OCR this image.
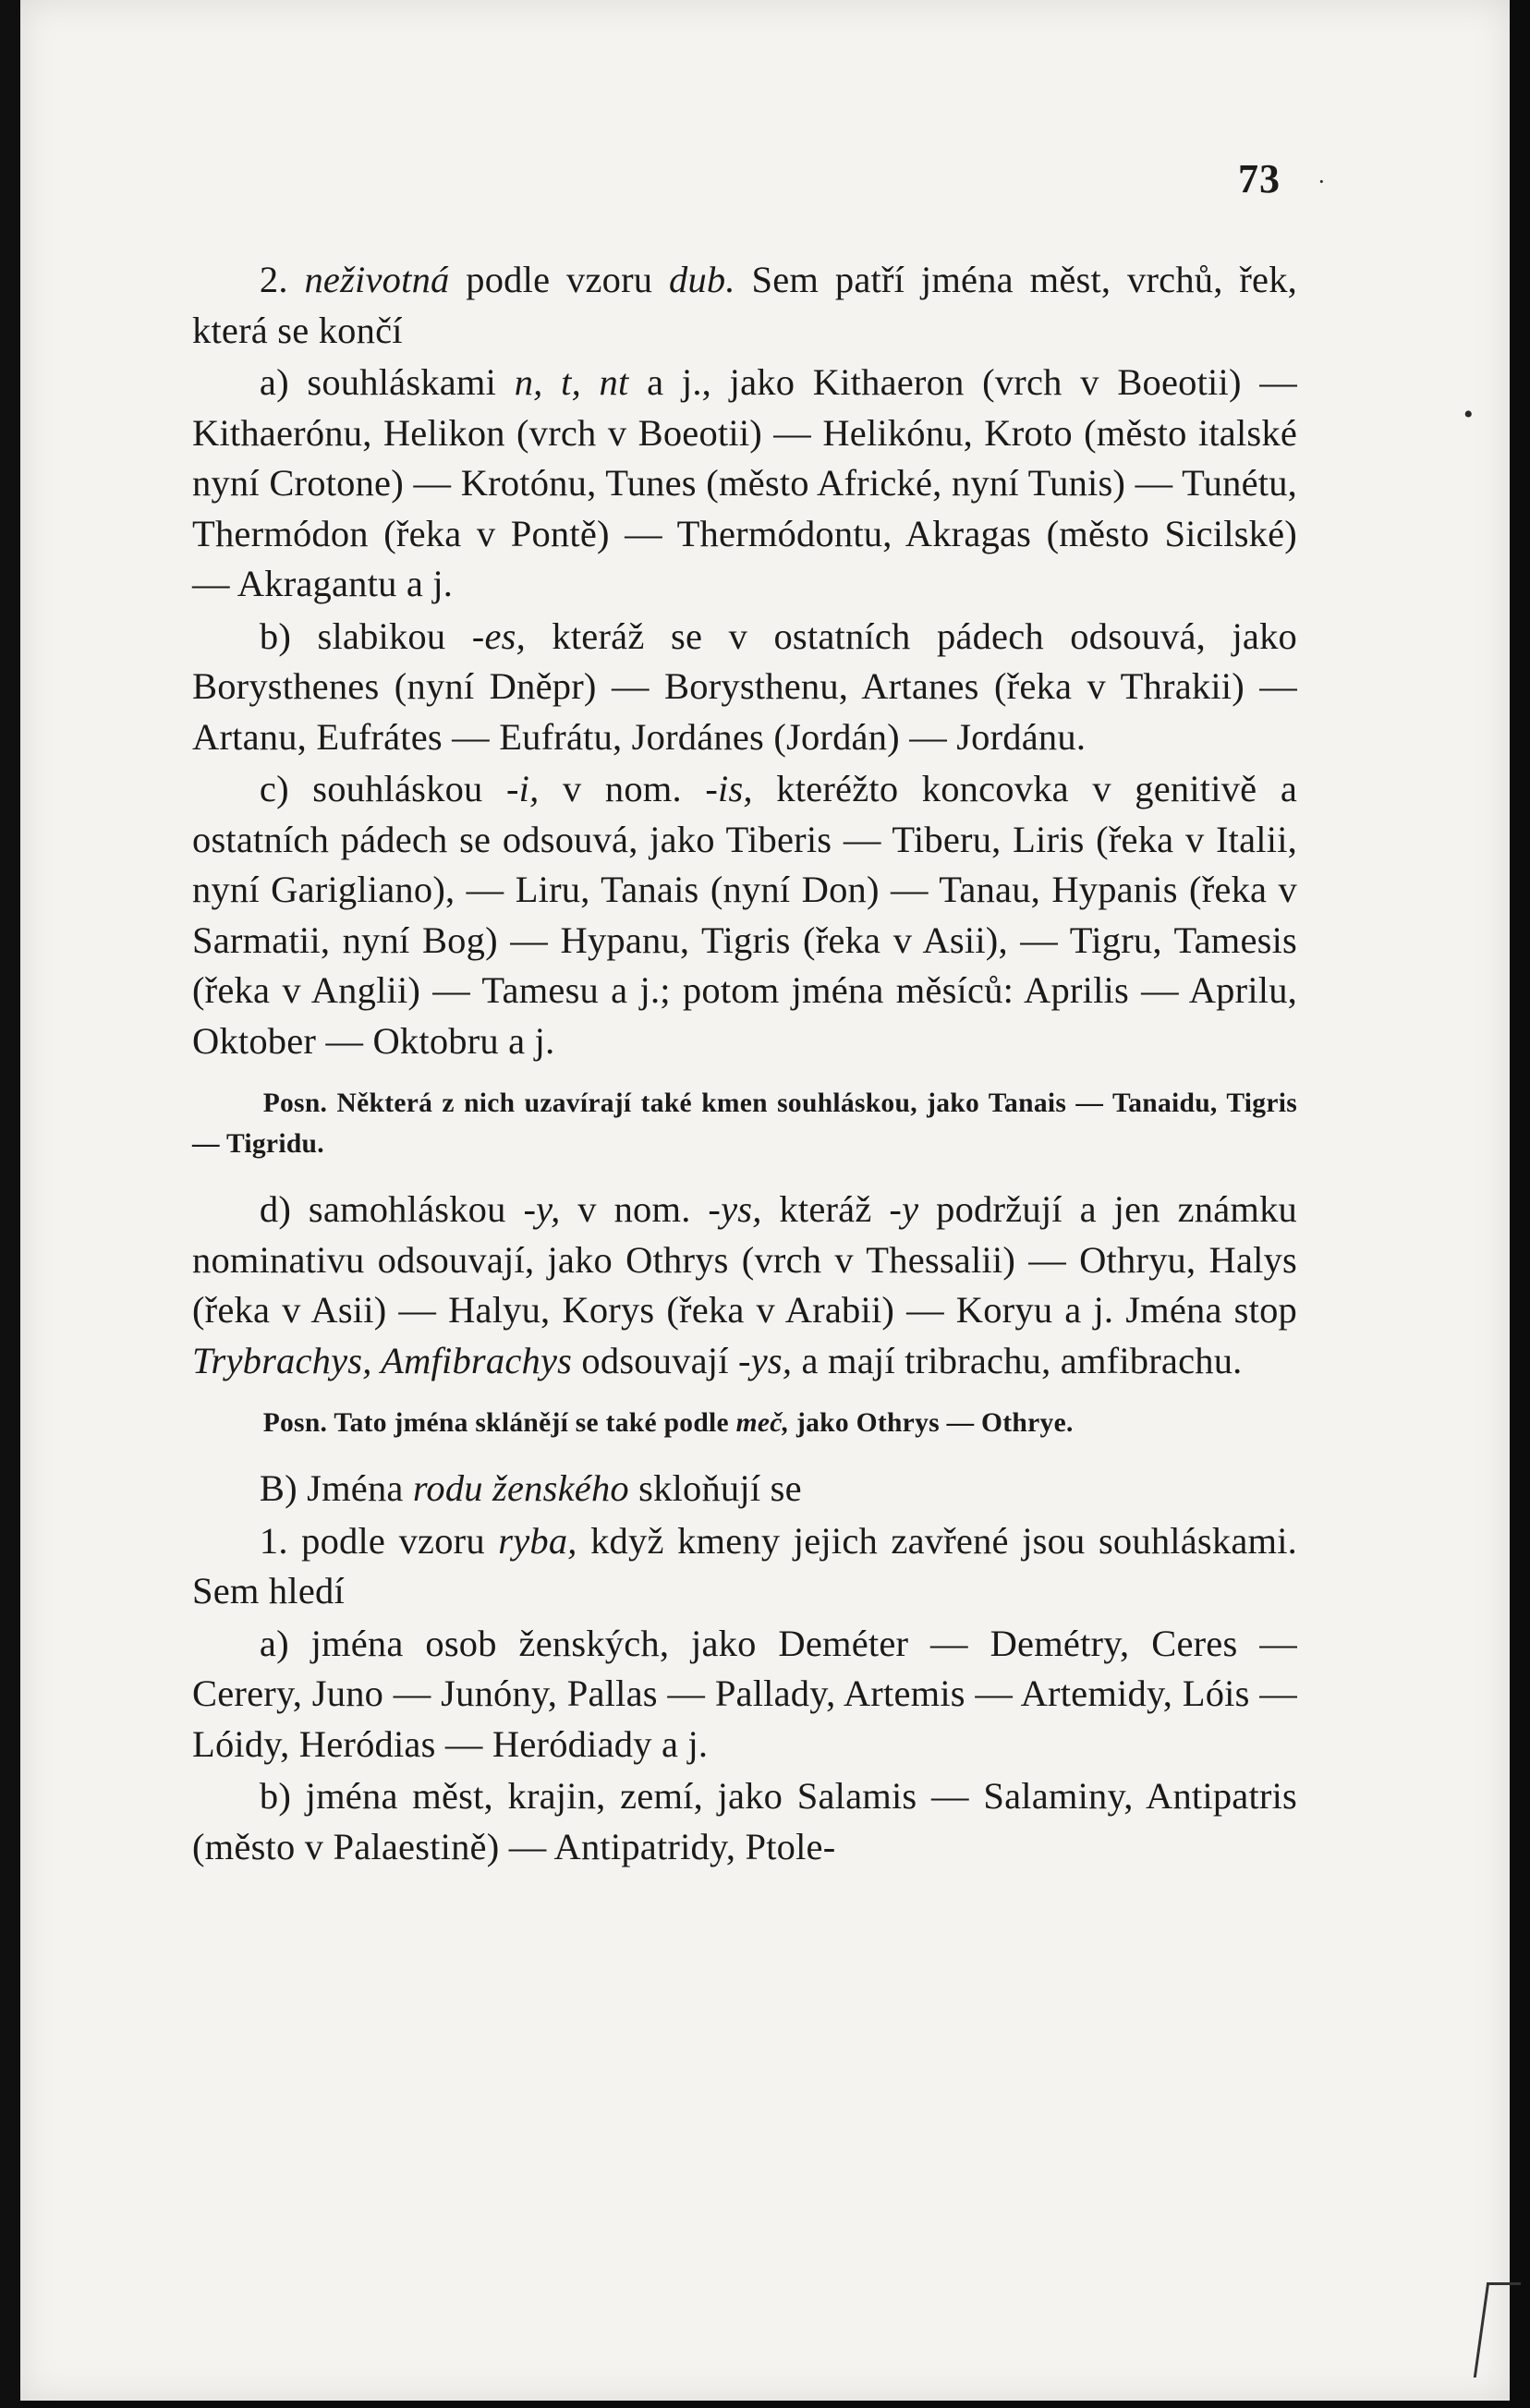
73 ·
•

2. neživotná podle vzoru dub. Sem patří jména měst, vrchů, řek, která se končí

a) souhláskami n, t, nt a j., jako Kithaeron (vrch v Boeotii) — Kithaerónu, Helikon (vrch v Boeotii) — Helikónu, Kroto (město italské nyní Crotone) — Krotónu, Tunes (město Africké, nyní Tunis) — Tunétu, Thermódon (řeka v Pontě) — Thermódontu, Akragas (město Sicilské) — Akragantu a j.

b) slabikou -es, kteráž se v ostatních pádech odsouvá, jako Borysthenes (nyní Dněpr) — Borysthenu, Artanes (řeka v Thrakii) — Artanu, Eufrátes — Eufrátu, Jordánes (Jordán) — Jordánu.

c) souhláskou -i, v nom. -is, kteréžto koncovka v genitivě a ostatních pádech se odsouvá, jako Tiberis — Tiberu, Liris (řeka v Italii, nyní Garigliano), — Liru, Tanais (nyní Don) — Tanau, Hypanis (řeka v Sarmatii, nyní Bog) — Hypanu, Tigris (řeka v Asii), — Tigru, Tamesis (řeka v Anglii) — Tamesu a j.; potom jména měsíců: Aprilis — Aprilu, Oktober — Oktobru a j.

Posn. Některá z nich uzavírají také kmen souhláskou, jako Tanais — Tanaidu, Tigris — Tigridu.

d) samohláskou -y, v nom. -ys, kteráž -y podržují a jen známku nominativu odsouvají, jako Othrys (vrch v Thessalii) — Othryu, Halys (řeka v Asii) — Halyu, Korys (řeka v Arabii) — Koryu a j. Jména stop Trybrachys, Amfibrachys odsouvají -ys, a mají tribrachu, amfibrachu.

Posn. Tato jména sklánějí se také podle meč, jako Othrys — Othrye.

B) Jména rodu ženského skloňují se

1. podle vzoru ryba, když kmeny jejich zavřené jsou souhláskami. Sem hledí

a) jména osob ženských, jako Deméter — Demétry, Ceres — Cerery, Juno — Junóny, Pallas — Pallady, Artemis — Artemidy, Lóis — Lóidy, Heródias — Heródiady a j.

b) jména měst, krajin, zemí, jako Salamis — Salaminy, Antipatris (město v Palaestině) — Antipatridy, Ptole-
